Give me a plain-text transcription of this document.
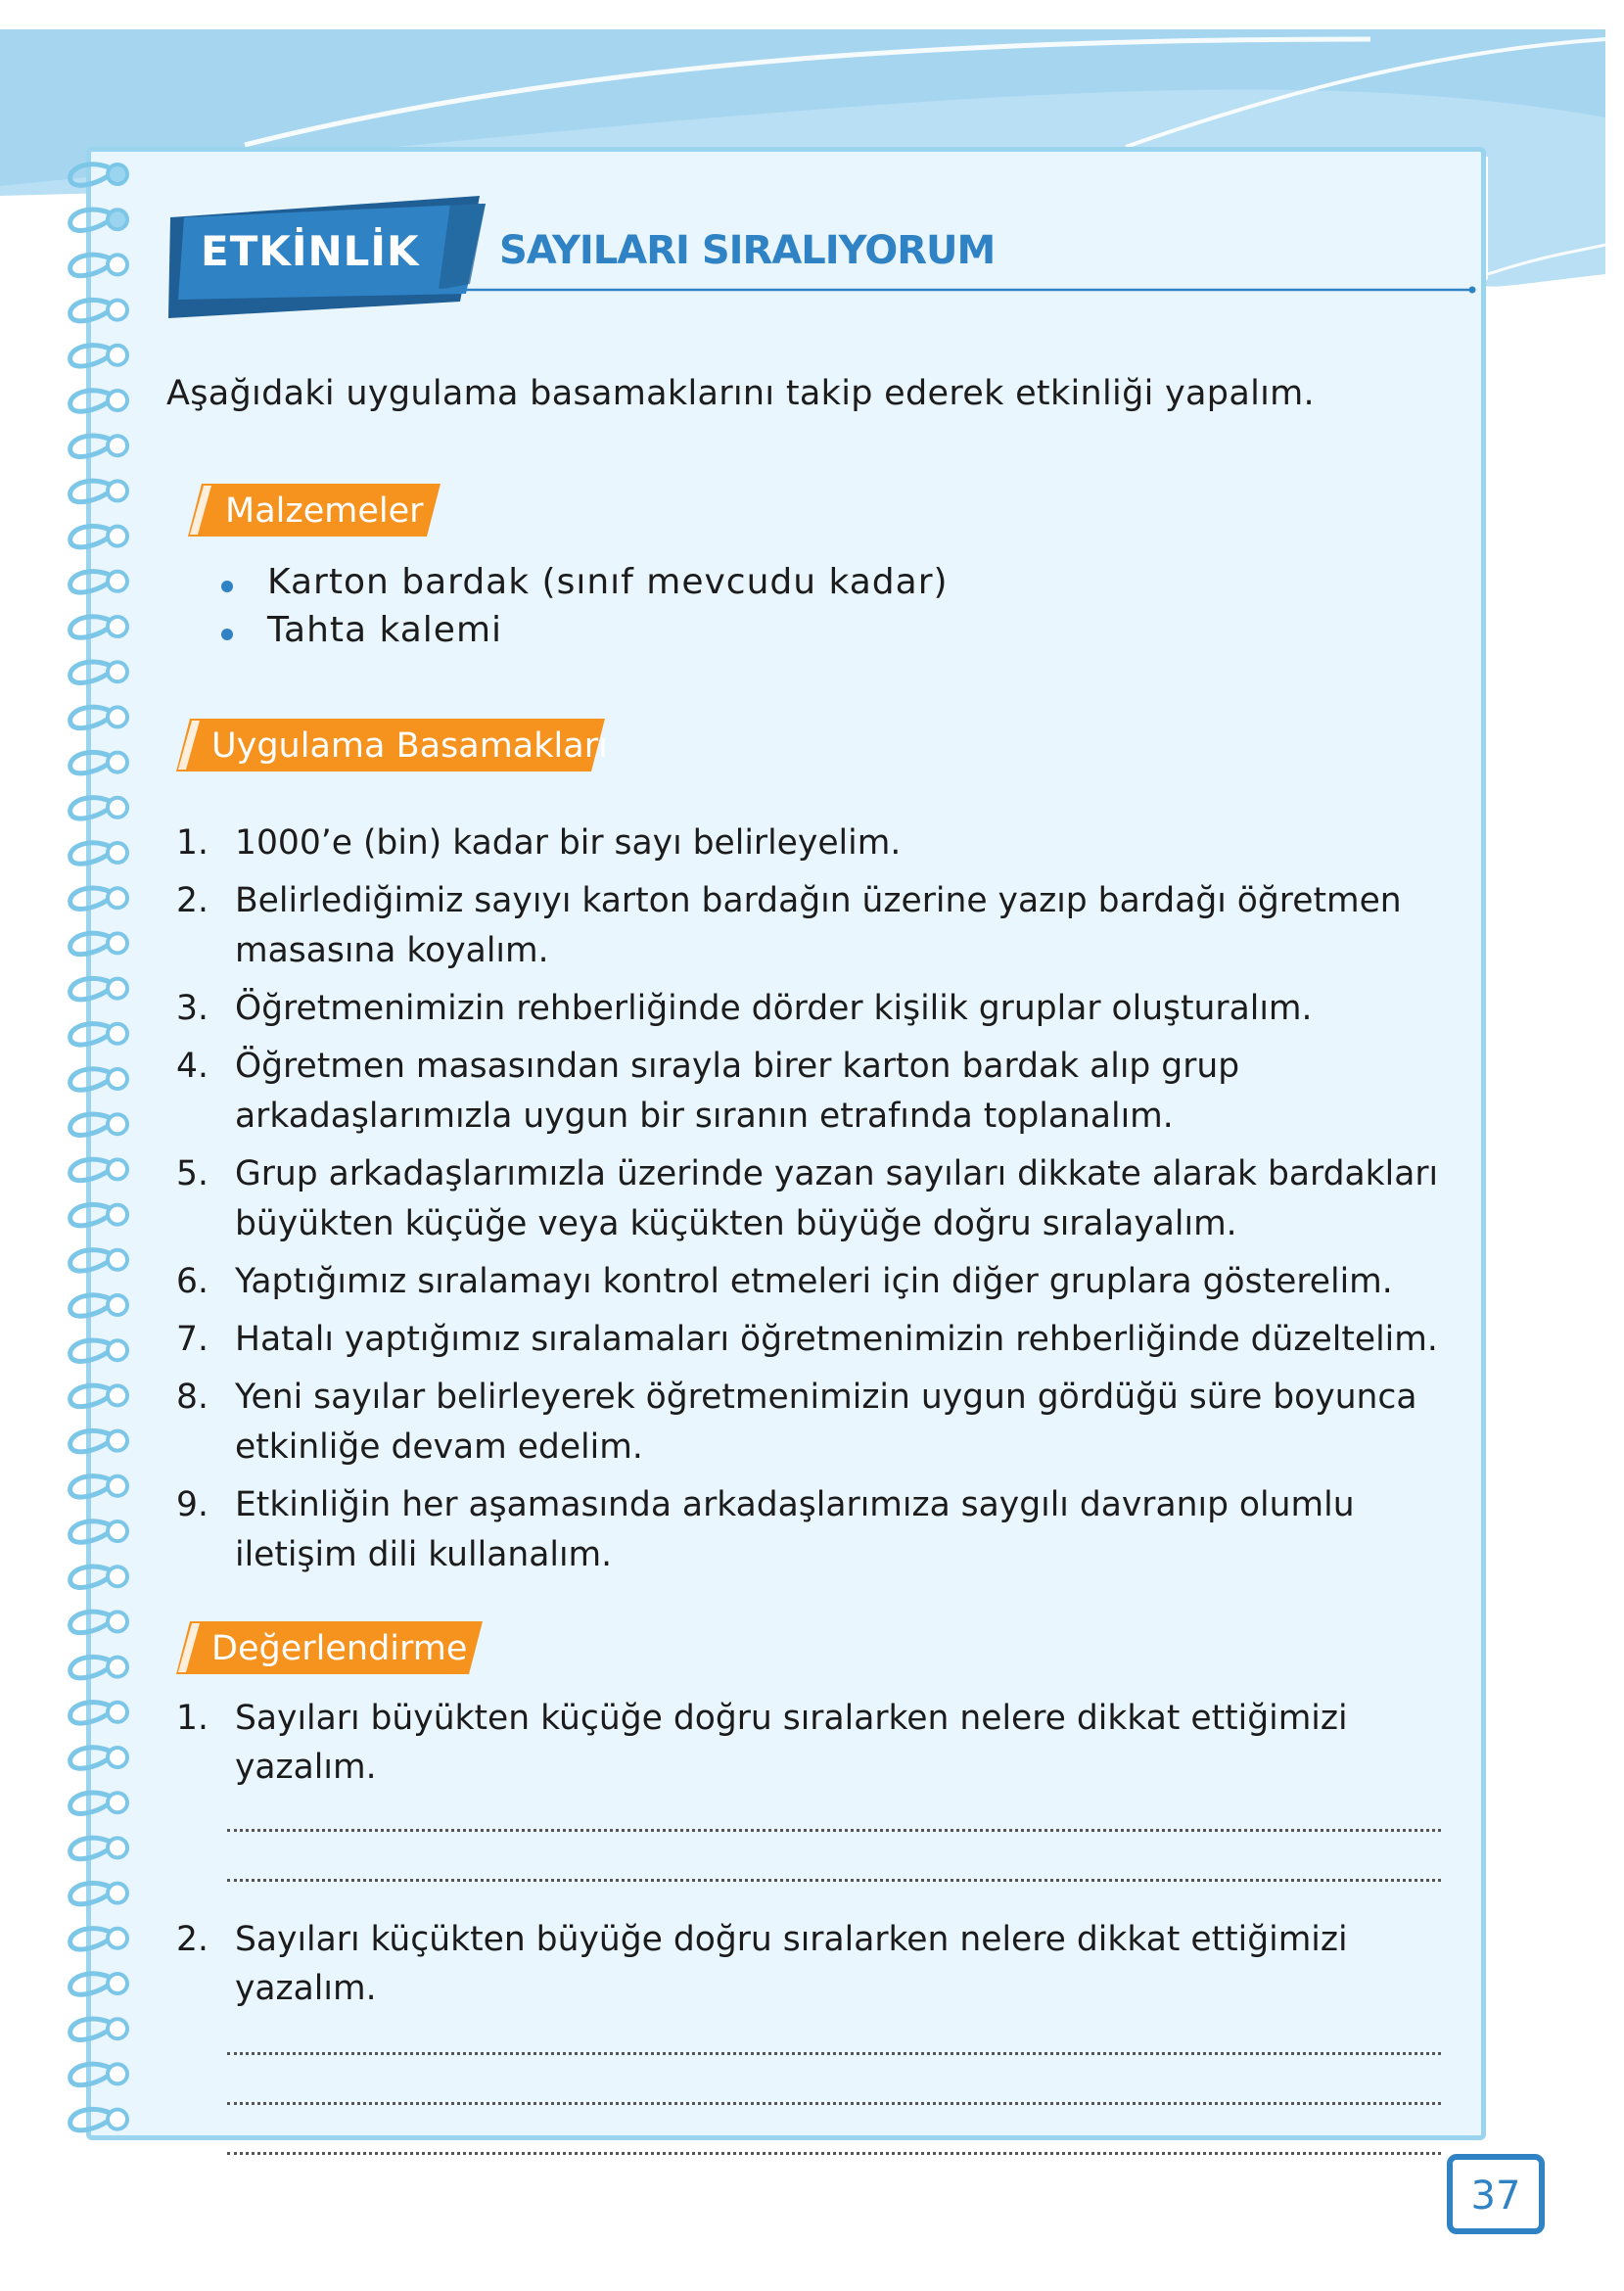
ETKİNLİK	SAYILARI SIRALIYORUM
Aşağıdaki uygulama basamaklarını takip ederek etkinliği yapalım.
Malzemeler
Karton bardak (sınıf mevcudu kadar)
Tahta kalemi
Uygulama Basamakları
1. 1000’e (bin) kadar bir sayı belirleyelim.
2. Belirlediğimiz sayıyı karton bardağın üzerine yazıp bardağı öğretmen masasına koyalım.
3. Öğretmenimizin rehberliğinde dörder kişilik gruplar oluşturalım.
4. Öğretmen masasından sırayla birer karton bardak alıp grup arkadaşlarımızla uygun bir sıranın etrafında toplanalım.
5. Grup arkadaşlarımızla üzerinde yazan sayıları dikkate alarak bardakları büyükten küçüğe veya küçükten büyüğe doğru sıralayalım.
6. Yaptığımız sıralamayı kontrol etmeleri için diğer gruplara gösterelim.
7. Hatalı yaptığımız sıralamaları öğretmenimizin rehberliğinde düzeltelim.
8. Yeni sayılar belirleyerek öğretmenimizin uygun gördüğü süre boyunca etkinliğe devam edelim.
9. Etkinliğin her aşamasında arkadaşlarımıza saygılı davranıp olumlu iletişim dili kullanalım.
Değerlendirme
1. Sayıları büyükten küçüğe doğru sıralarken nelere dikkat ettiğimizi yazalım.
2. Sayıları küçükten büyüğe doğru sıralarken nelere dikkat ettiğimizi yazalım.
37
